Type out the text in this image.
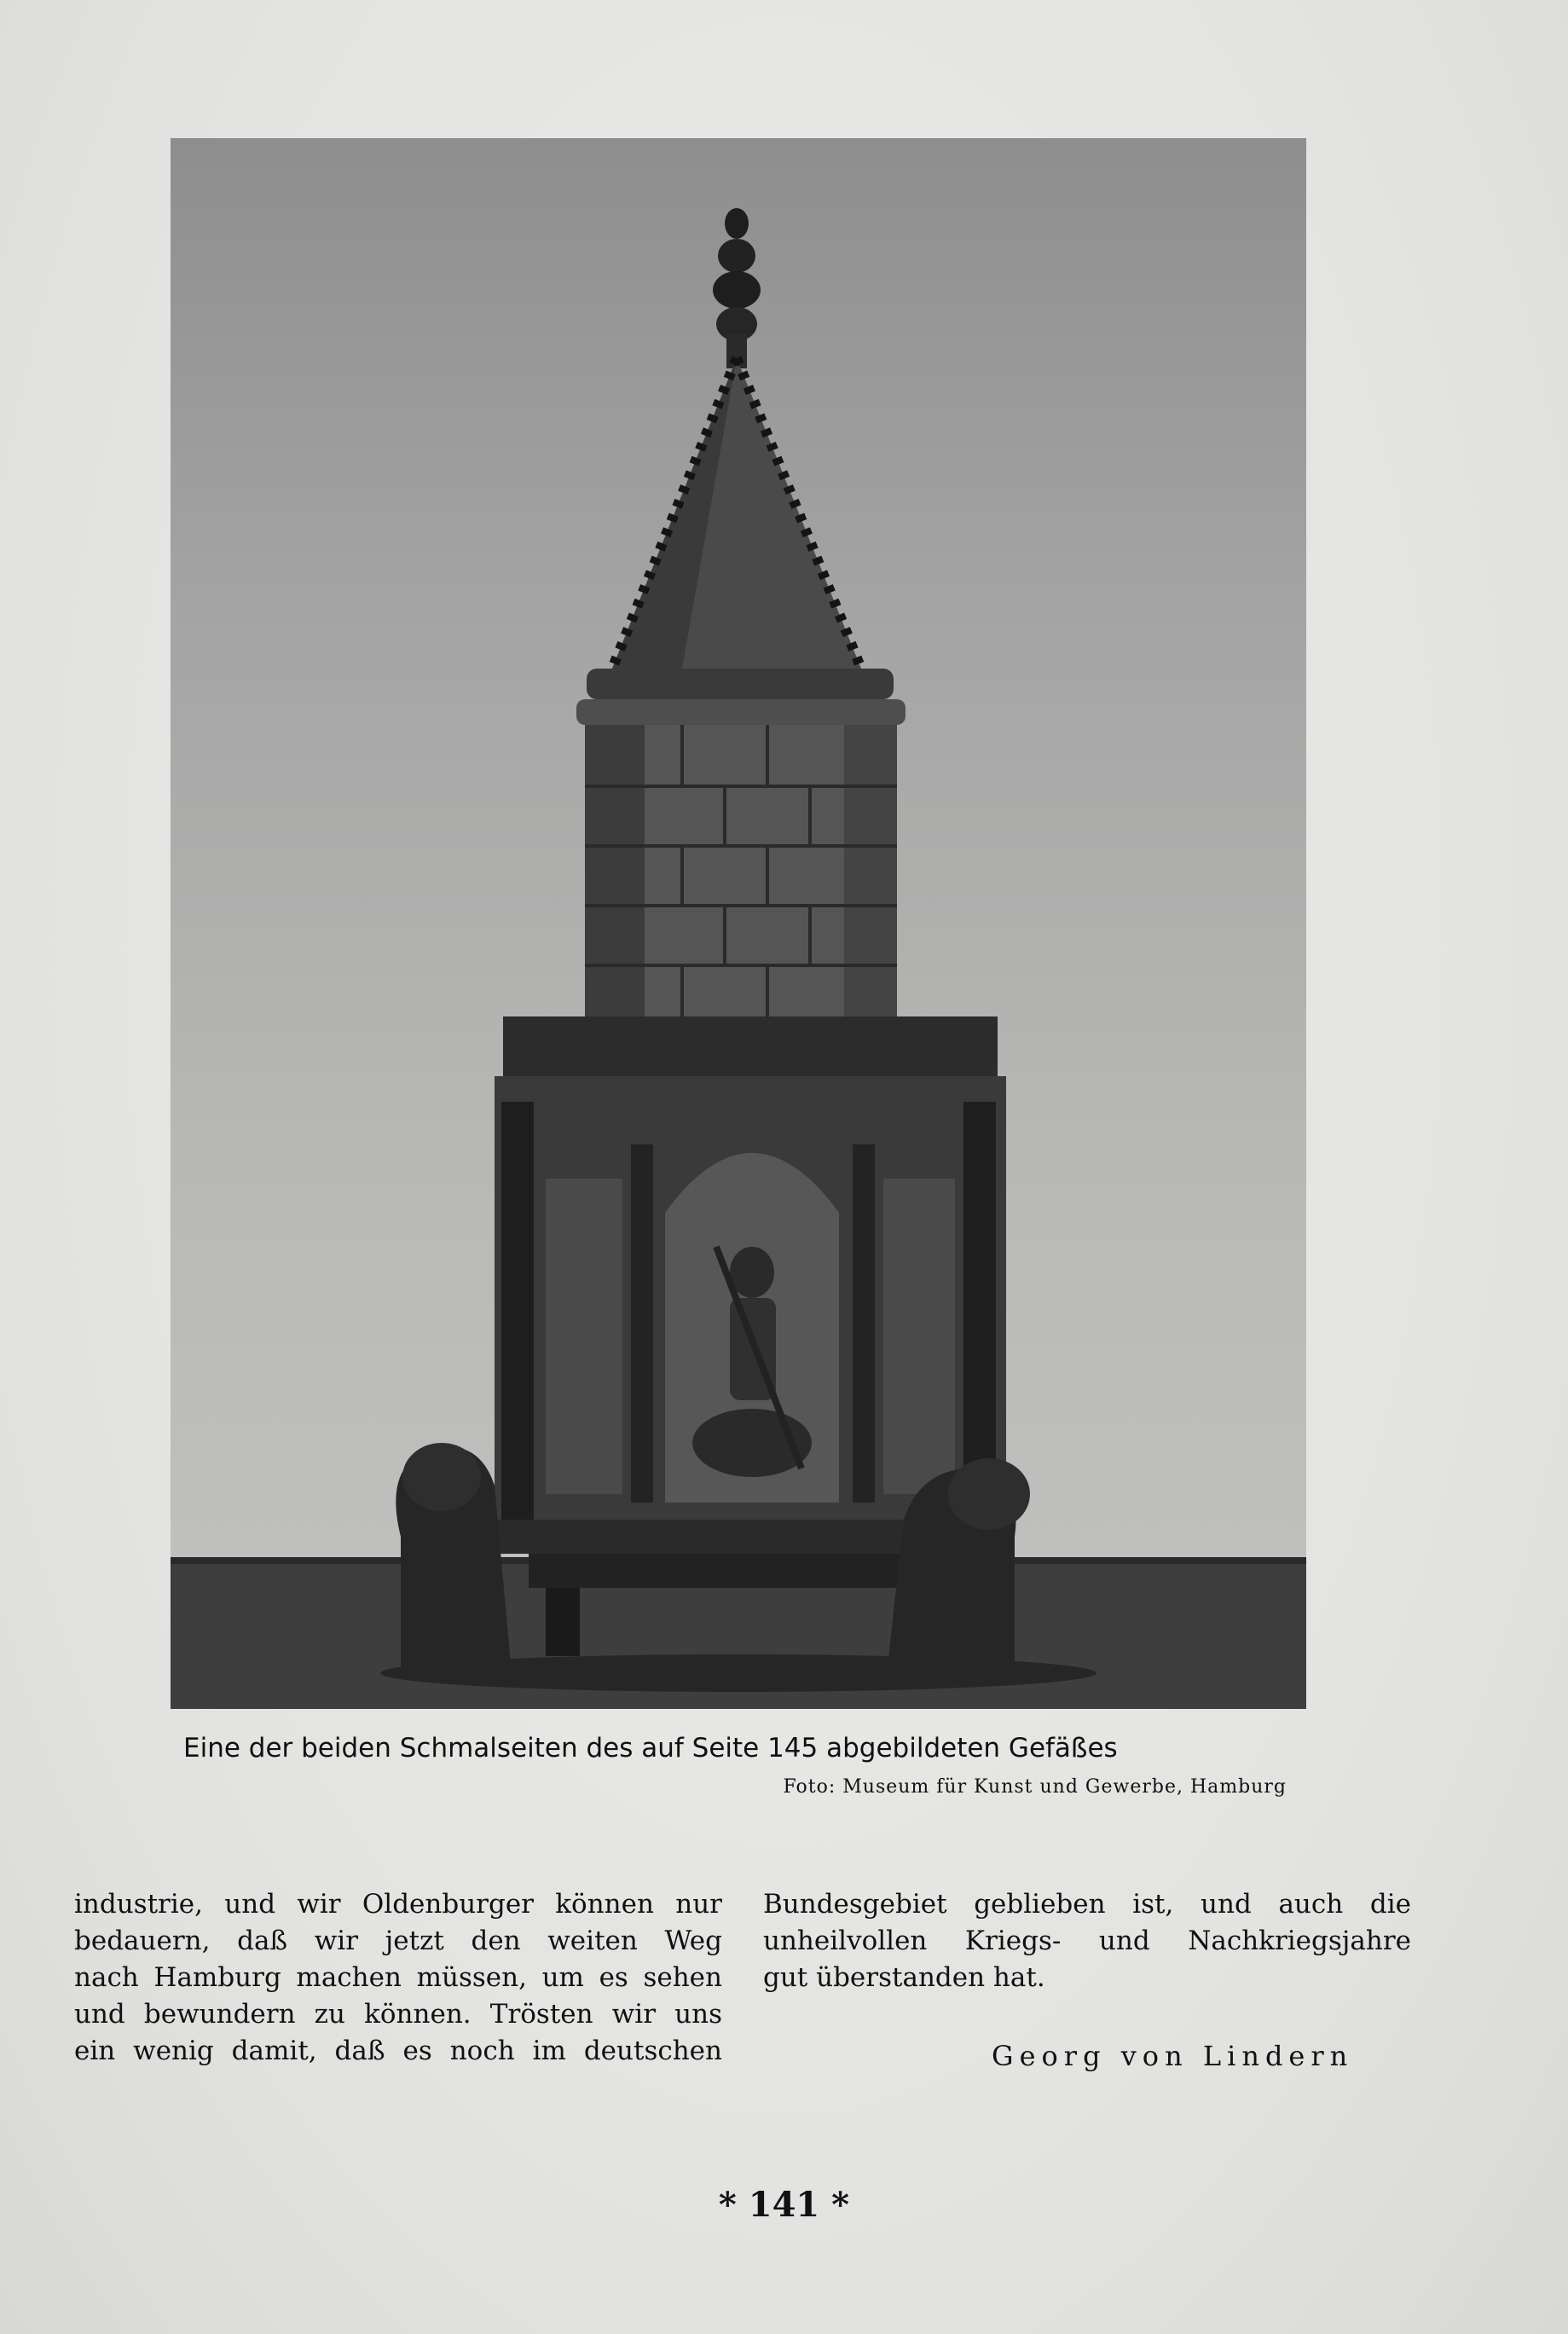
Eine der beiden Schmalseiten des auf Seite 145 abgebildeten Gefäßes
Foto: Museum für Kunst und Gewerbe, Hamburg
industrie, und wir Oldenburger können nur
bedauern, daß wir jetzt den weiten Weg
nach Hamburg machen müssen, um es sehen
und bewundern zu können. Trösten wir uns
ein wenig damit, daß es noch im deutschen
Bundesgebiet geblieben ist, und auch die
unheilvollen Kriegs- und Nachkriegsjahre
gut überstanden hat.
Georg von Lindern
* 141 *
